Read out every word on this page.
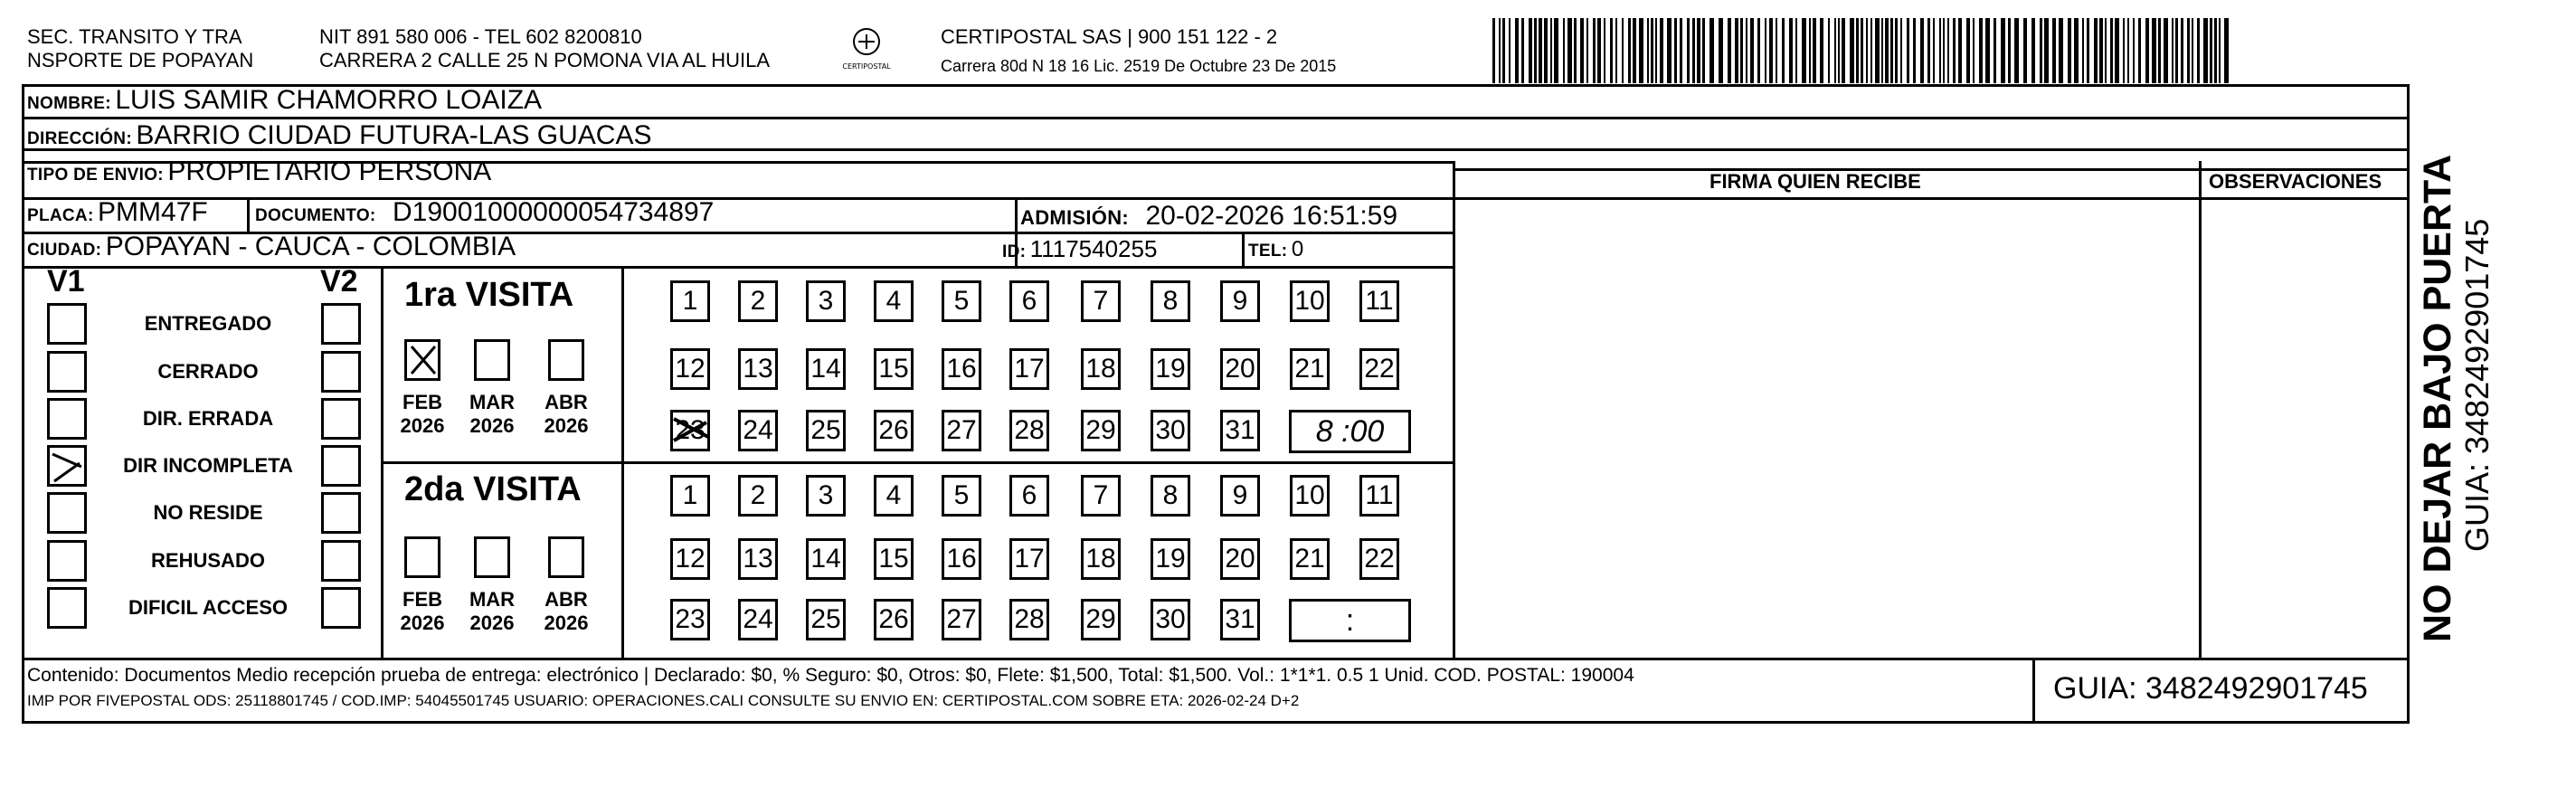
SEC. TRANSITO Y TRA
NSPORTE DE POPAYAN
NIT 891 580 006 - TEL 602 8200810
CARRERA 2 CALLE 25 N POMONA VIA AL HUILA	CERTIPOSTAL
CERTIPOSTAL SAS | 900 151 122 - 2
Carrera 80d N 18 16 Lic. 2519 De Octubre 23 De 2015
NOMBRE: LUIS SAMIR CHAMORRO LOAIZA
DIRECCIÓN: BARRIO CIUDAD FUTURA-LAS GUACAS
TIPO DE ENVIO: PROPIETARIO PERSONA	FIRMA QUIEN RECIBE	OBSERVACIONES
PLACA: PMM47F	DOCUMENTO: D19001000000054734897	ADMISIÓN: 20-02-2026 16:51:59
CIUDAD: POPAYAN - CAUCA - COLOMBIA	ID: 1117540255	TEL: 0
V1	V2
ENTREGADO
CERRADO
DIR. ERRADA
DIR INCOMPLETA
NO RESIDE
REHUSADO
DIFICIL ACCESO
1ra VISITA
2da VISITA
FEB
2026
MAR
2026
ABR
2026
1	2	3	4	5	6	7	8	9	10 11
12 13 14 15 16 17 18 19 20 21 22
23 24 25 26 27 28 29 30 31	8 :00
FEB
2026
MAR
2026
ABR
2026
1	2	3	4	5	6	7	8	9	10 11
12 13 14 15 16 17 18 19 20 21 22
23 24 25 26 27 28 29 30 31	:
Contenido: Documentos Medio recepción prueba de entrega: electrónico | Declarado: $0, % Seguro: $0, Otros: $0, Flete: $1,500, Total: $1,500. Vol.: 1*1*1. 0.5 1 Unid. COD. POSTAL: 190004
IMP POR FIVEPOSTAL ODS: 25118801745 / COD.IMP: 54045501745 USUARIO: OPERACIONES.CALI CONSULTE SU ENVIO EN: CERTIPOSTAL.COM SOBRE ETA: 2026-02-24 D+2	GUIA: 3482492901745
NO DEJAR BAJO PUERTA GUIA: 3482492901745
